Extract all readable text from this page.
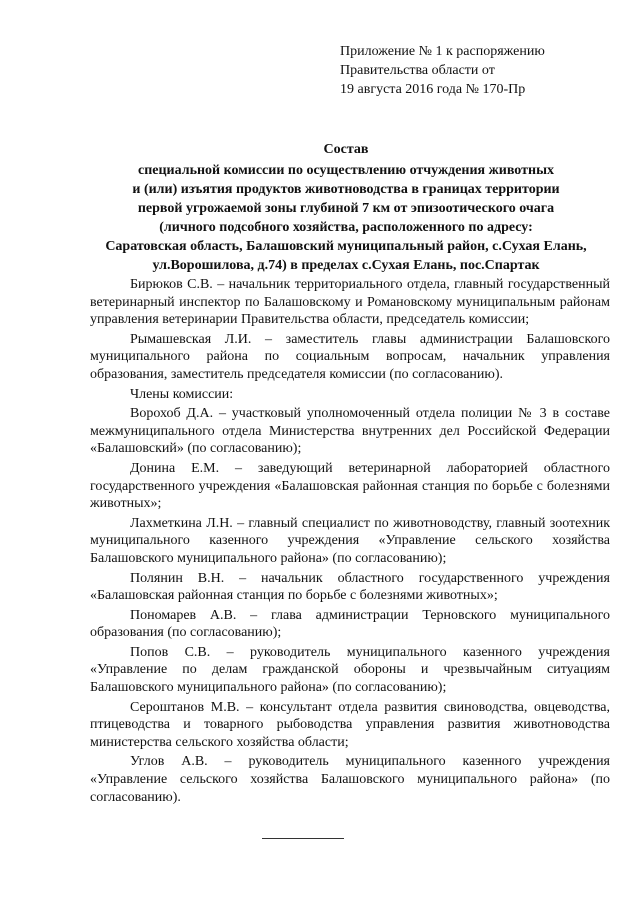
Приложение № 1 к распоряжению
Правительства области от
19 августа 2016 года № 170-Пр
Состав
специальной комиссии по осуществлению отчуждения животных
и (или) изъятия продуктов животноводства в границах территории
первой угрожаемой зоны глубиной 7 км от эпизоотического очага
(личного подсобного хозяйства, расположенного по адресу:
Саратовская область, Балашовский муниципальный район, с.Сухая Елань,
ул.Ворошилова, д.74) в пределах с.Сухая Елань, пос.Спартак

Бирюков С.В. – начальник территориального отдела, главный государственный ветеринарный инспектор по Балашовскому и Романовскому муниципальным районам управления ветеринарии Правительства области, председатель комиссии;

Рымашевская Л.И. – заместитель главы администрации Балашовского муниципального района по социальным вопросам, начальник управления образования, заместитель председателя комиссии (по согласованию).

Члены комиссии:

Ворохоб Д.А. – участковый уполномоченный отдела полиции № 3 в составе межмуниципального отдела Министерства внутренних дел Российской Федерации «Балашовский» (по согласованию);

Донина Е.М. – заведующий ветеринарной лабораторией областного государственного учреждения «Балашовская районная станция по борьбе с болезнями животных»;

Лахметкина Л.Н. – главный специалист по животноводству, главный зоотехник муниципального казенного учреждения «Управление сельского хозяйства Балашовского муниципального района» (по согласованию);

Полянин В.Н. – начальник областного государственного учреждения «Балашовская районная станция по борьбе с болезнями животных»;

Пономарев А.В. – глава администрации Терновского муниципального образования (по согласованию);

Попов С.В. – руководитель муниципального казенного учреждения «Управление по делам гражданской обороны и чрезвычайным ситуациям Балашовского муниципального района» (по согласованию);

Серoштанов М.В. – консультант отдела развития свиноводства, овцеводства, птицеводства и товарного рыбоводства управления развития животноводства министерства сельского хозяйства области;

Углов А.В. – руководитель муниципального казенного учреждения «Управление сельского хозяйства Балашовского муниципального района» (по согласованию).
